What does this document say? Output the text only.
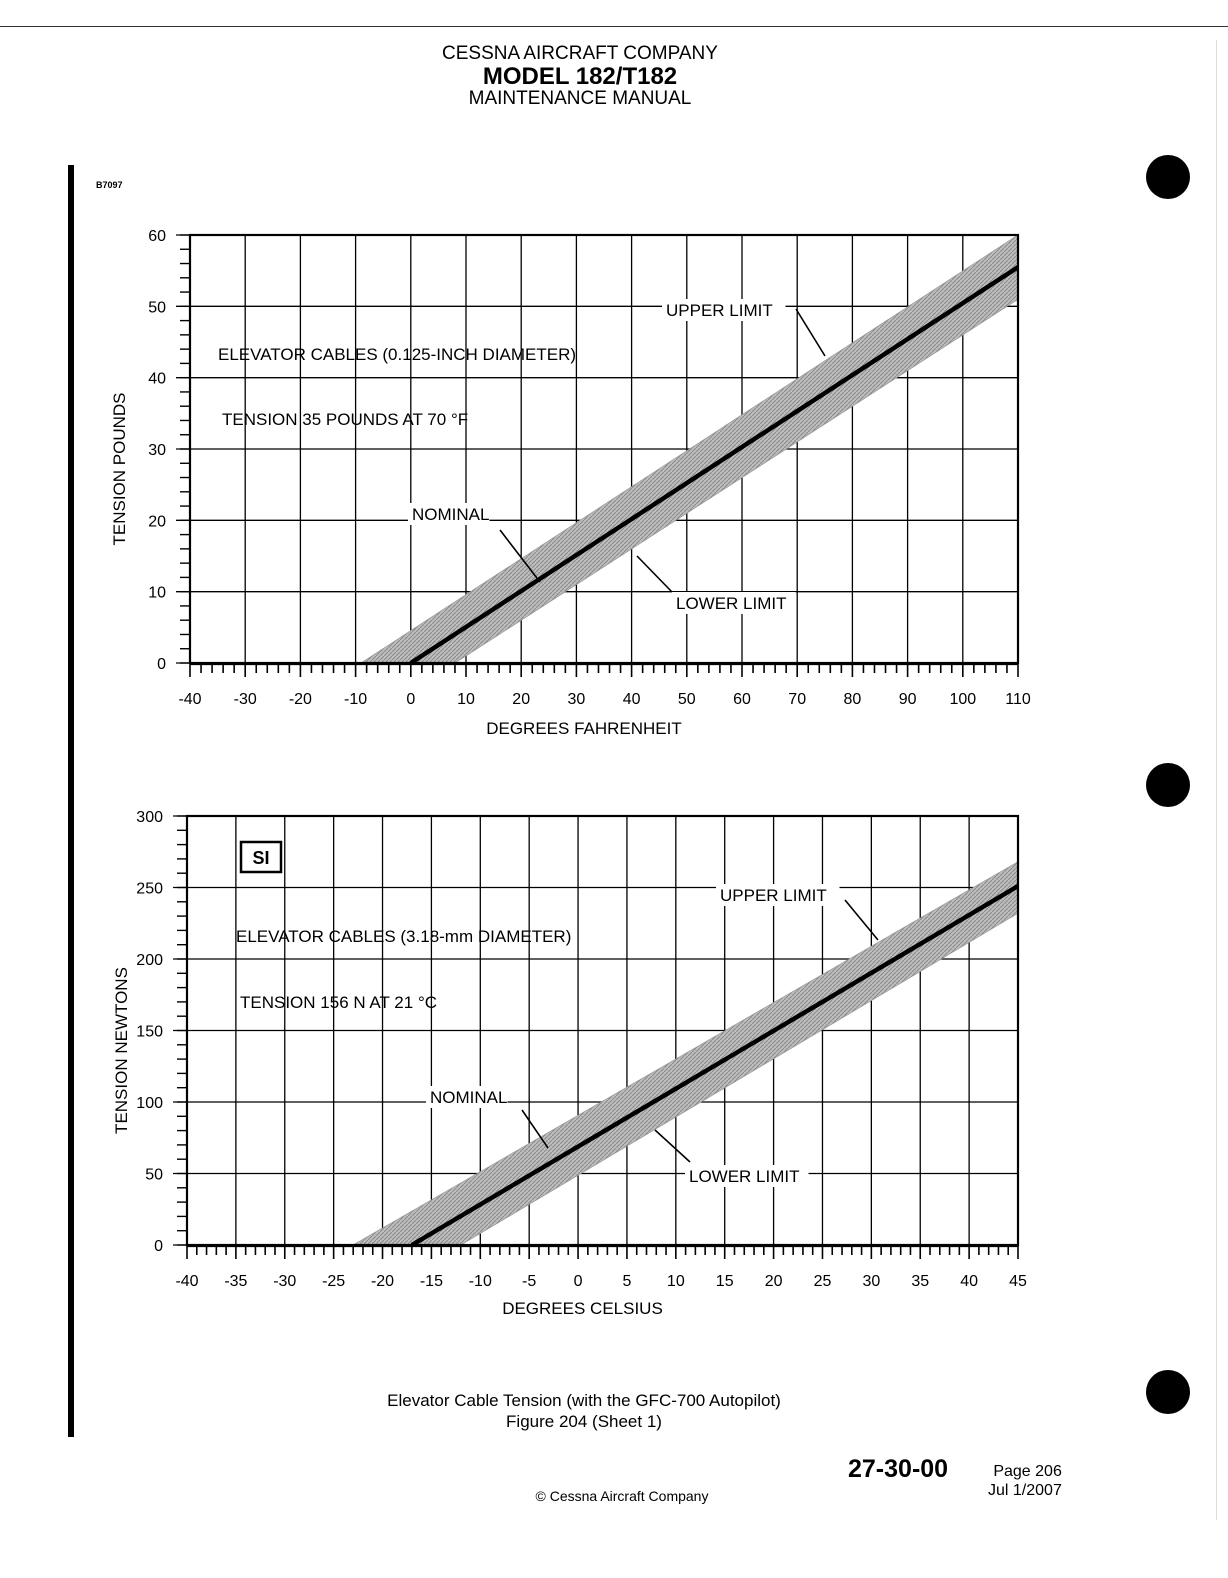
CESSNA AIRCRAFT COMPANY
MODEL 182/T182
MAINTENANCE MANUAL
B7097
-40 -30 -20 -10 0	10 20 30 40 50 60 70 80 90 100 110
0
10
20
30
40
50
60
DEGREES FAHRENHEIT
TENSION POUNDS
ELEVATOR CABLES (0.125-INCH DIAMETER)
TENSION 35 POUNDS AT 70 °F
UPPER LIMIT
NOMINAL
LOWER LIMIT
-40 -35 -30 -25 -20 -15 -10 -5 0 5 10 15 20 25 30 35 40 45
0
50
100
150
200
250
300
DEGREES CELSIUS
TENSION NEWTONS
ELEVATOR CABLES (3.18-mm DIAMETER)
TENSION 156 N AT 21 °C
SI
UPPER LIMIT
NOMINAL
LOWER LIMIT
Elevator Cable Tension (with the GFC-700 Autopilot)
Figure 204 (Sheet 1)
27-30-00	Page 206
Jul 1/2007
© Cessna Aircraft Company
